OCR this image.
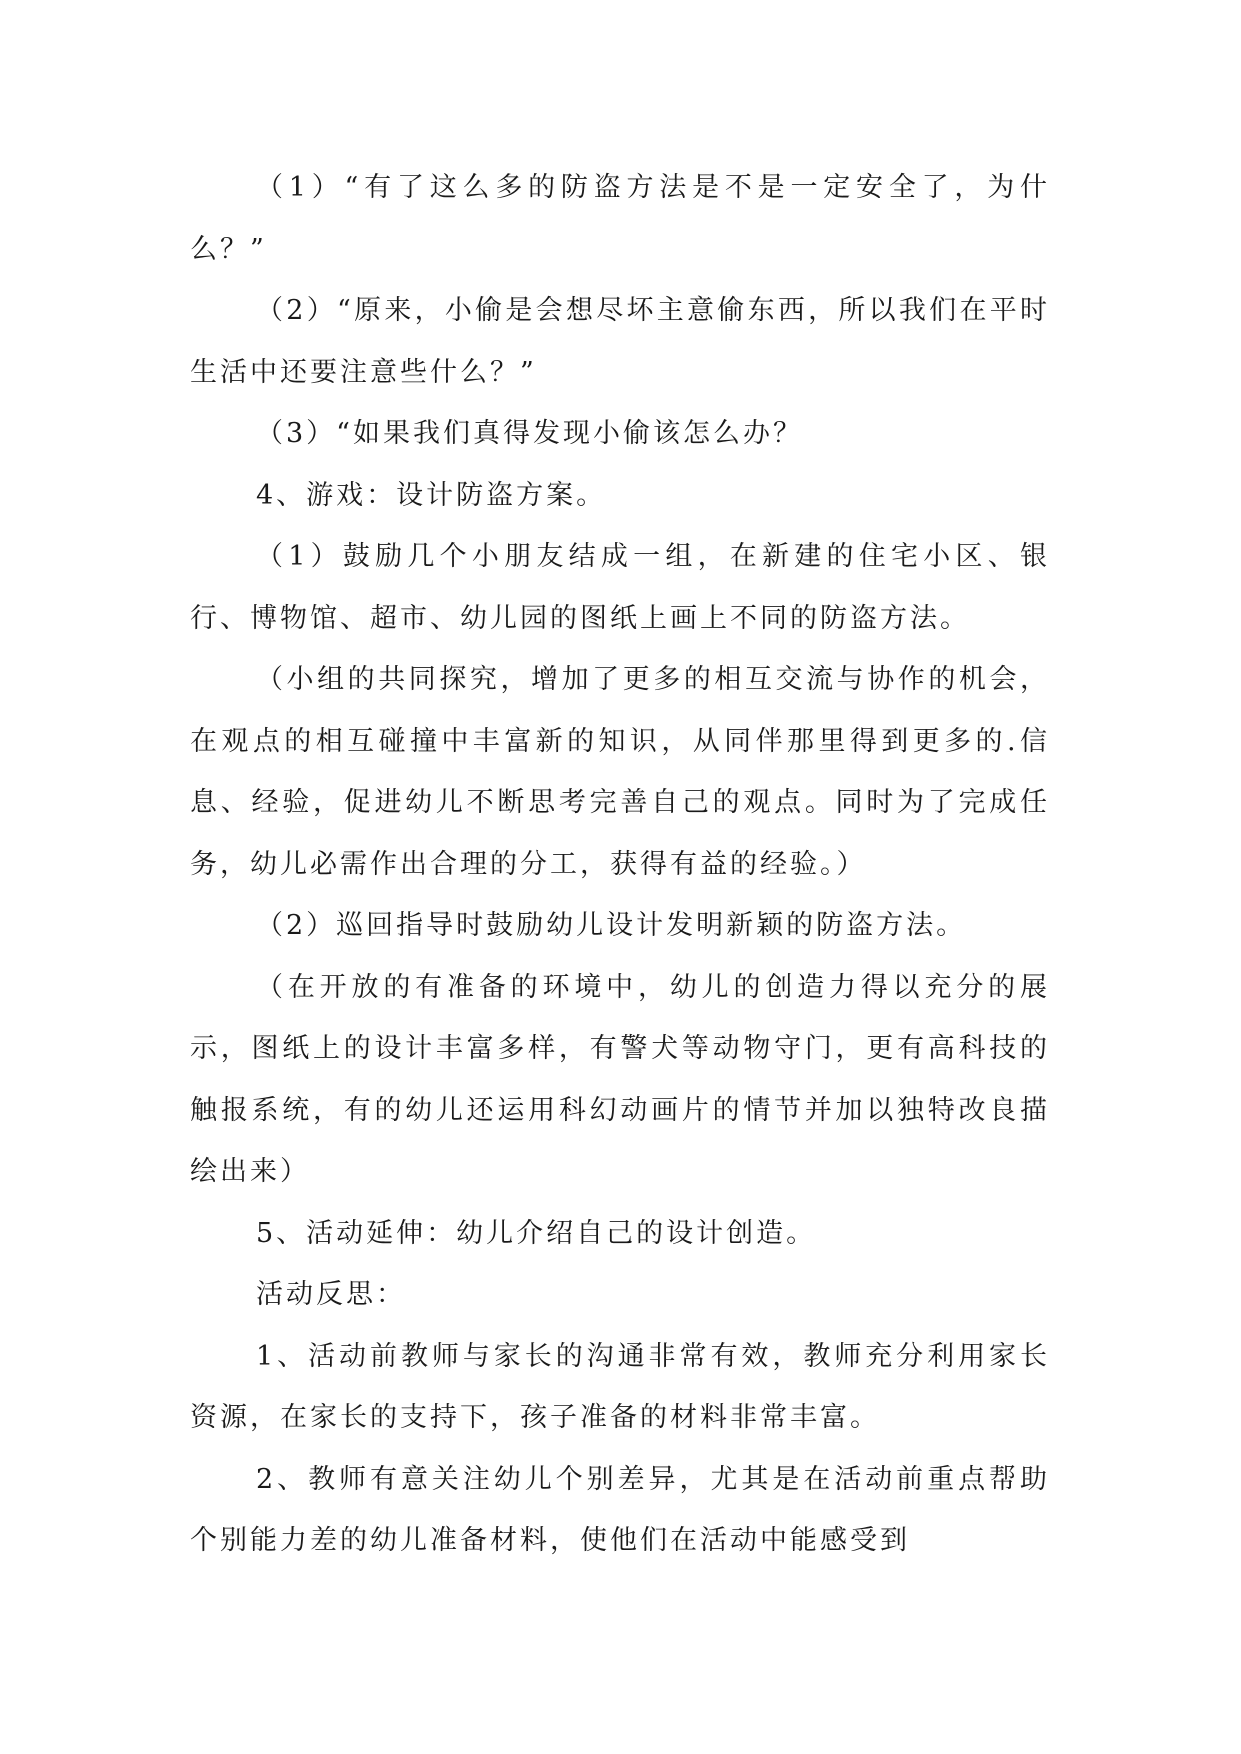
（1）“有了这么多的防盗方法是不是一定安全了，为什么？”

（2）“原来，小偷是会想尽坏主意偷东西，所以我们在平时生活中还要注意些什么？”

（3）“如果我们真得发现小偷该怎么办？

4、游戏：设计防盗方案。

（1）鼓励几个小朋友结成一组，在新建的住宅小区、银行、博物馆、超市、幼儿园的图纸上画上不同的防盗方法。

（小组的共同探究，增加了更多的相互交流与协作的机会，在观点的相互碰撞中丰富新的知识，从同伴那里得到更多的.信息、经验，促进幼儿不断思考完善自己的观点。同时为了完成任务，幼儿必需作出合理的分工，获得有益的经验。）

（2）巡回指导时鼓励幼儿设计发明新颖的防盗方法。

（在开放的有准备的环境中，幼儿的创造力得以充分的展示，图纸上的设计丰富多样，有警犬等动物守门，更有高科技的触报系统，有的幼儿还运用科幻动画片的情节并加以独特改良描绘出来）

5、活动延伸：幼儿介绍自己的设计创造。

活动反思：

1、活动前教师与家长的沟通非常有效，教师充分利用家长资源，在家长的支持下，孩子准备的材料非常丰富。

2、教师有意关注幼儿个别差异，尤其是在活动前重点帮助个别能力差的幼儿准备材料，使他们在活动中能感受到
